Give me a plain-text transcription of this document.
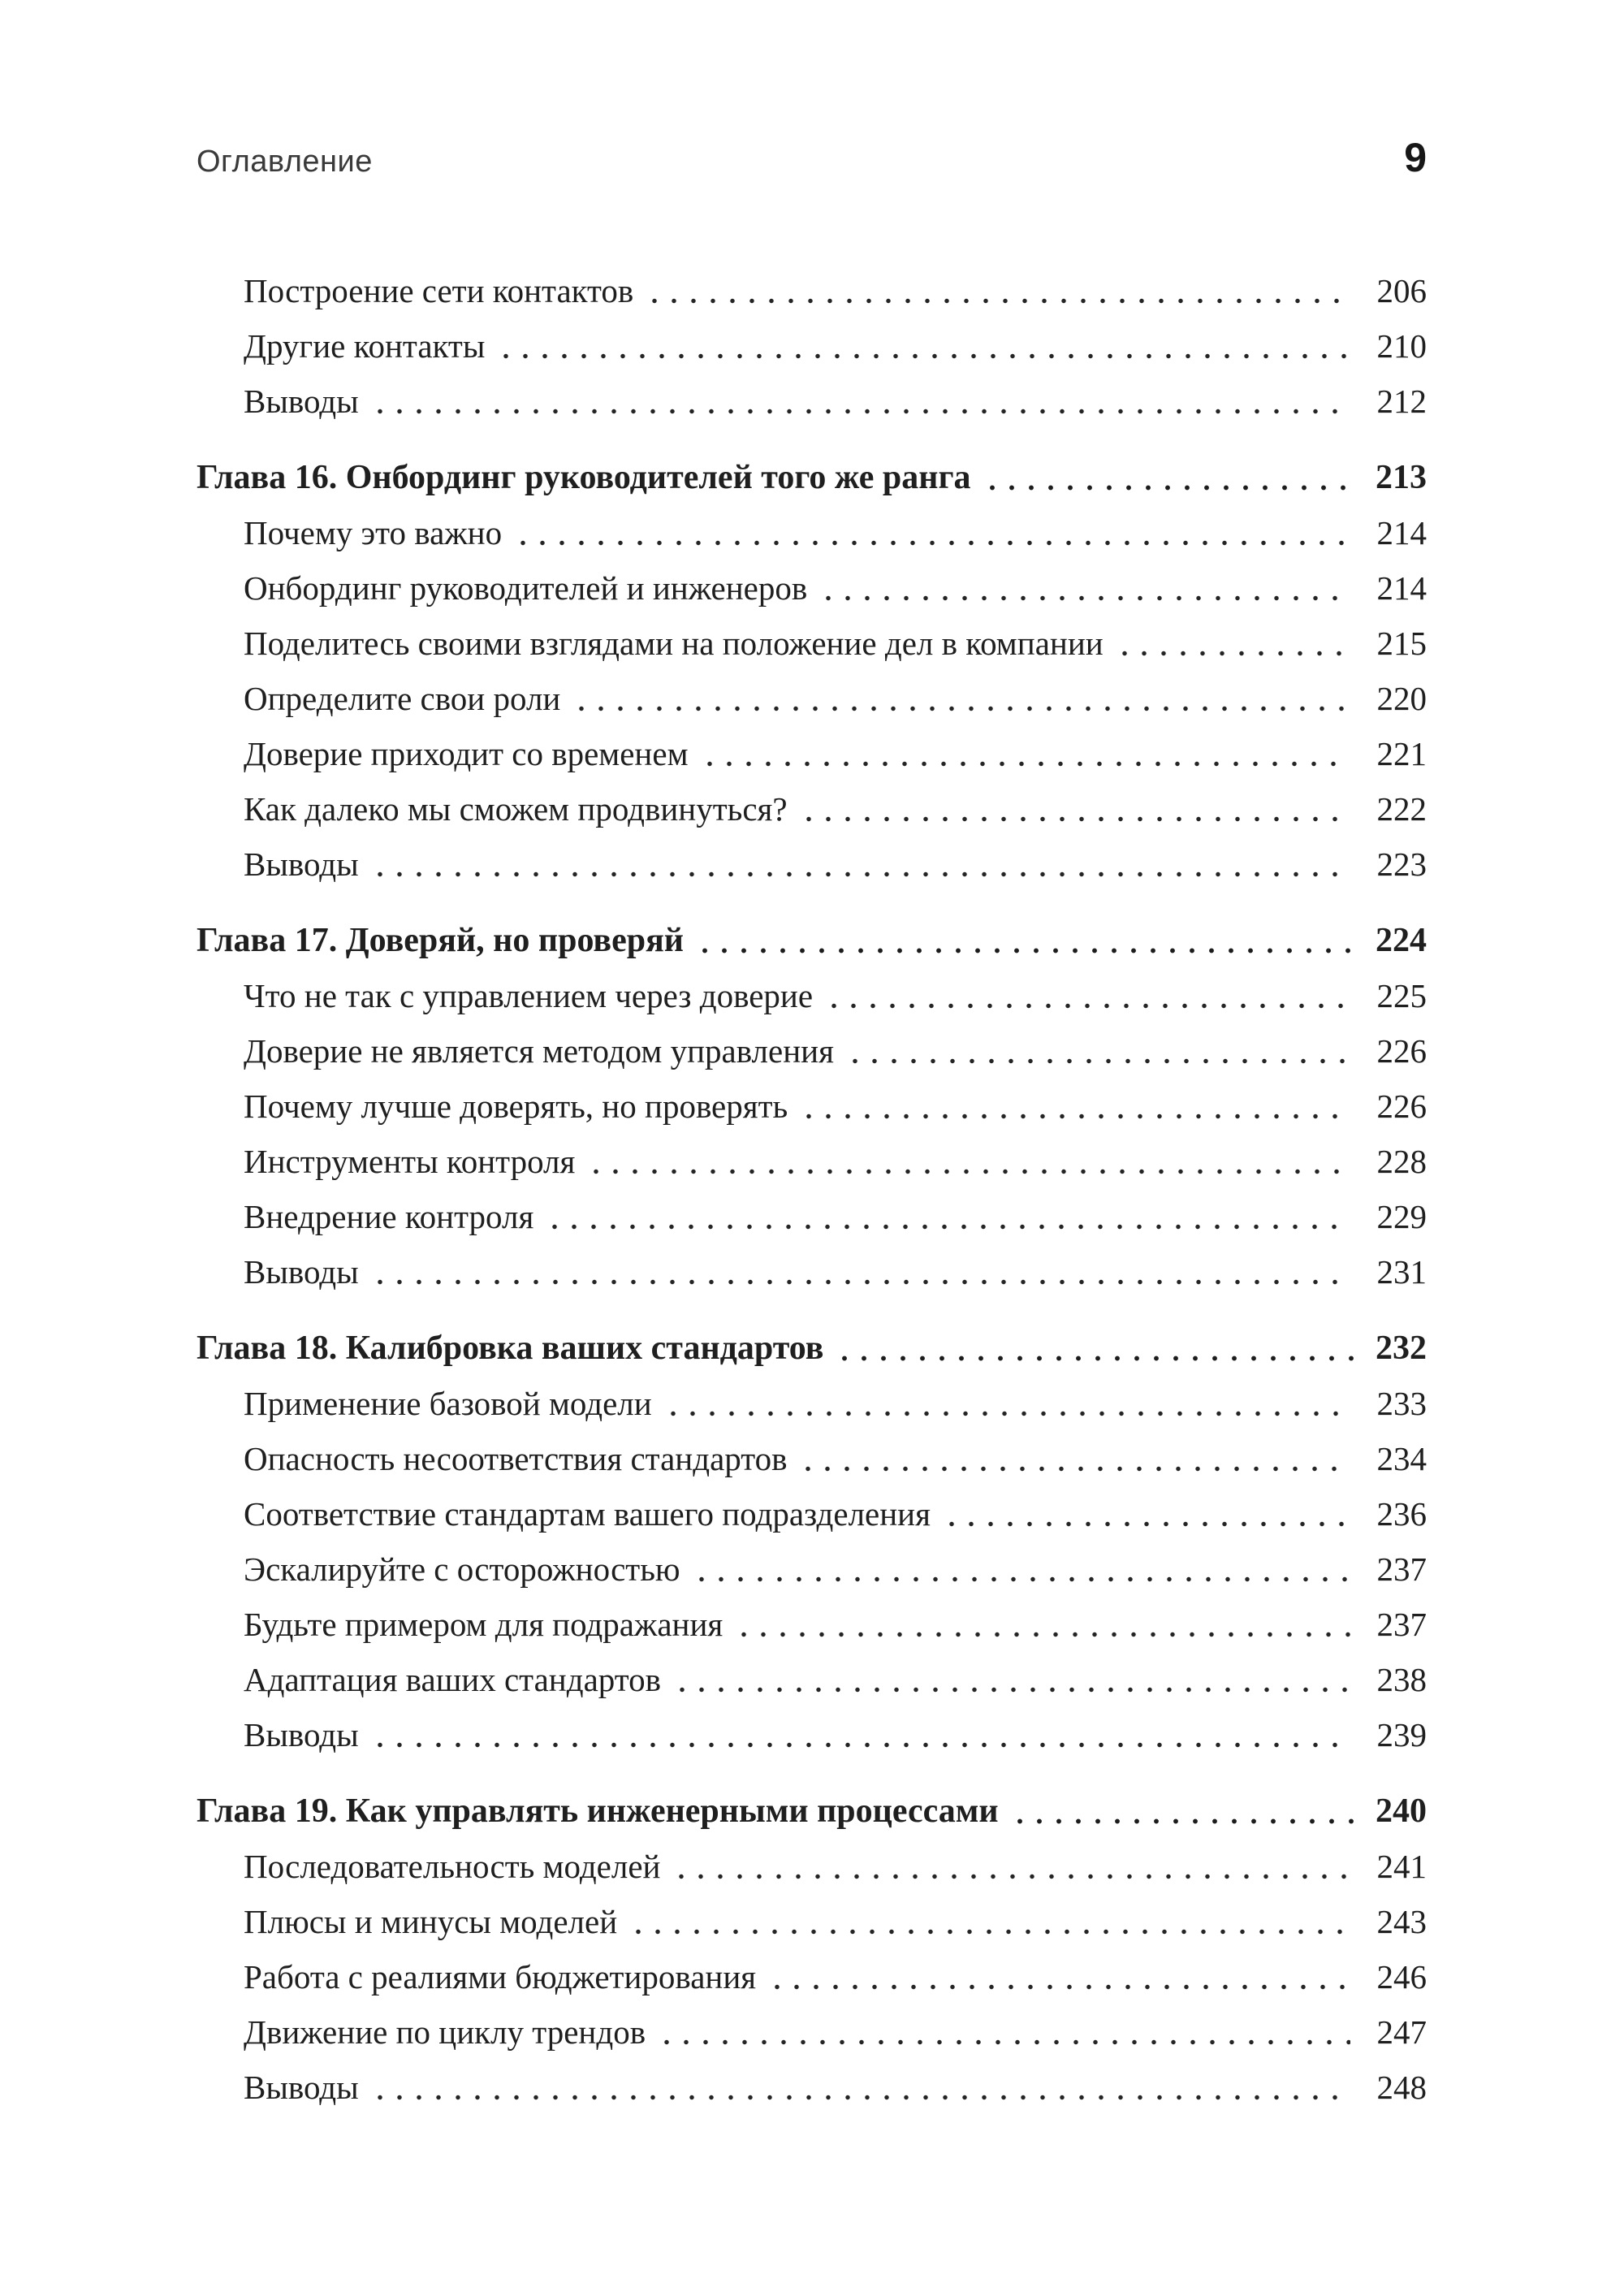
Оглавление	9
Построение сети контактов	206
Другие контакты	210
Выводы	212
Глава 16. Онбординг руководителей того же ранга	213
Почему это важно	214
Онбординг руководителей и инженеров	214
Поделитесь своими взглядами на положение дел в компании	215
Определите свои роли	220
Доверие приходит со временем	221
Как далеко мы сможем продвинуться?	222
Выводы	223
Глава 17. Доверяй, но проверяй	224
Что не так с управлением через доверие	225
Доверие не является методом управления	226
Почему лучше доверять, но проверять	226
Инструменты контроля	228
Внедрение контроля	229
Выводы	231
Глава 18. Калибровка ваших стандартов	232
Применение базовой модели	233
Опасность несоответствия стандартов	234
Соответствие стандартам вашего подразделения	236
Эскалируйте с осторожностью	237
Будьте примером для подражания	237
Адаптация ваших стандартов	238
Выводы	239
Глава 19. Как управлять инженерными процессами	240
Последовательность моделей	241
Плюсы и минусы моделей	243
Работа с реалиями бюджетирования	246
Движение по циклу трендов	247
Выводы	248
